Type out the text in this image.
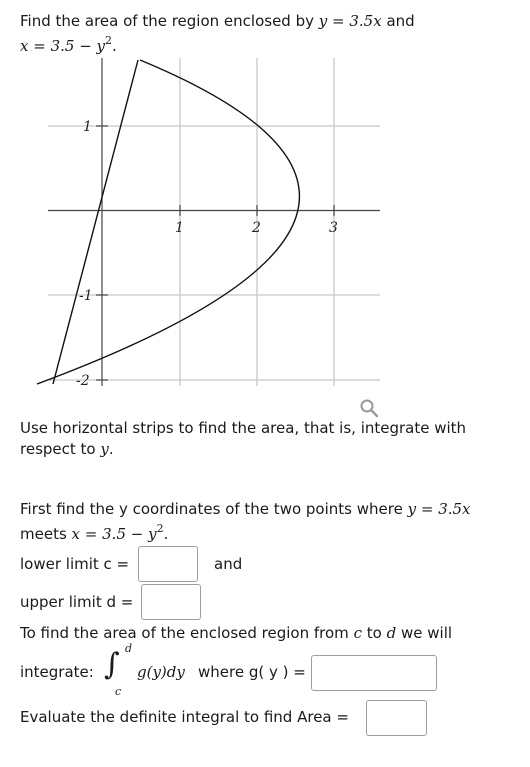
Find the area of the region enclosed by y = 3.5x and
$x = 3.5 - y^2$.
1	2	3
1
-1
-2
Use horizontal strips to find the area, that is, integrate with
respect to y.
First find the y coordinates of the two points where y = 3.5x
meets $x = 3.5 - y^2$.
lower limit c =	and
upper limit d =
To find the area of the enclosed region from c to d we will
integrate: ∫ d
c
g(y)dy where g( y ) =
Evaluate the definite integral to find Area =
